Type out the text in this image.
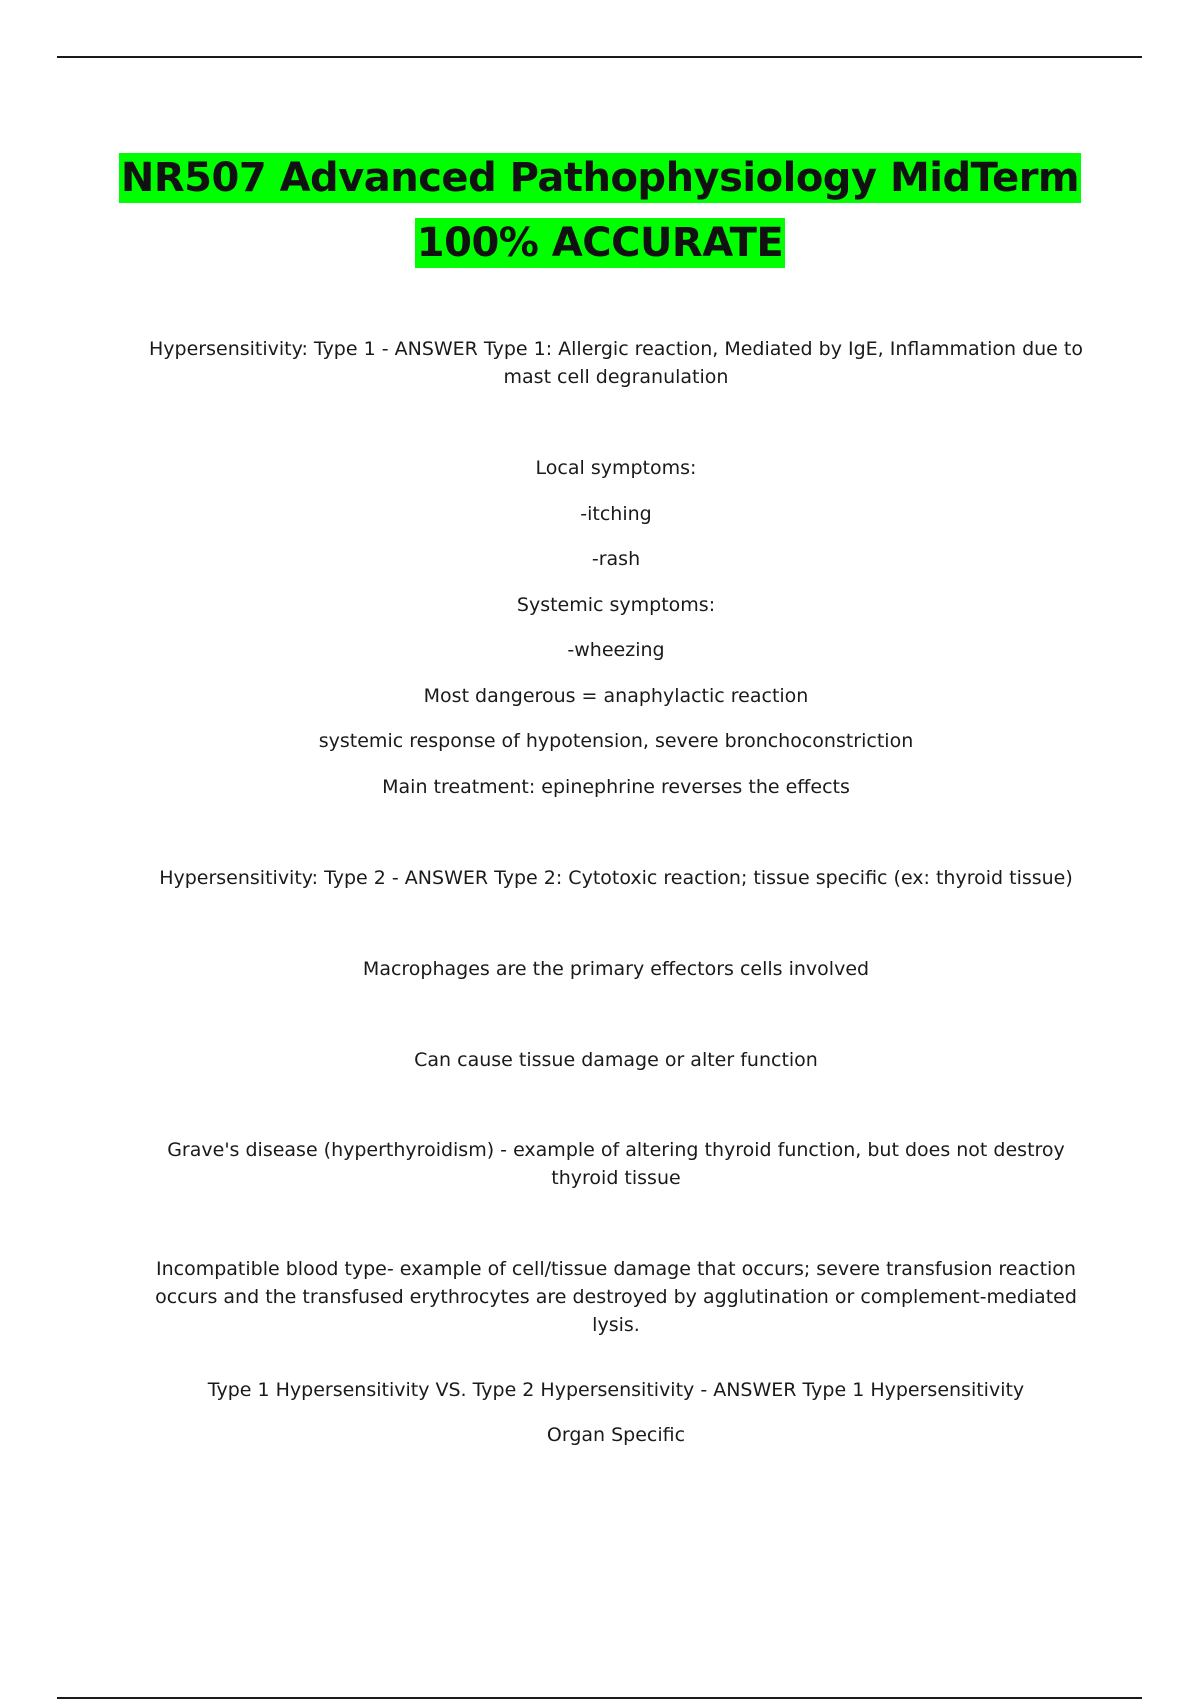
NR507 Advanced Pathophysiology MidTerm
100% ACCURATE

Hypersensitivity: Type 1 - ANSWER Type 1: Allergic reaction, Mediated by IgE, Inflammation due to mast cell degranulation

Local symptoms:

-itching

-rash

Systemic symptoms:

-wheezing

Most dangerous = anaphylactic reaction

systemic response of hypotension, severe bronchoconstriction

Main treatment: epinephrine reverses the effects

Hypersensitivity: Type 2 - ANSWER Type 2: Cytotoxic reaction; tissue specific (ex: thyroid tissue)

Macrophages are the primary effectors cells involved

Can cause tissue damage or alter function

Grave's disease (hyperthyroidism) - example of altering thyroid function, but does not destroy thyroid tissue

Incompatible blood type- example of cell/tissue damage that occurs; severe transfusion reaction occurs and the transfused erythrocytes are destroyed by agglutination or complement-mediated lysis.

Type 1 Hypersensitivity VS. Type 2 Hypersensitivity - ANSWER Type 1 Hypersensitivity

Organ Specific
